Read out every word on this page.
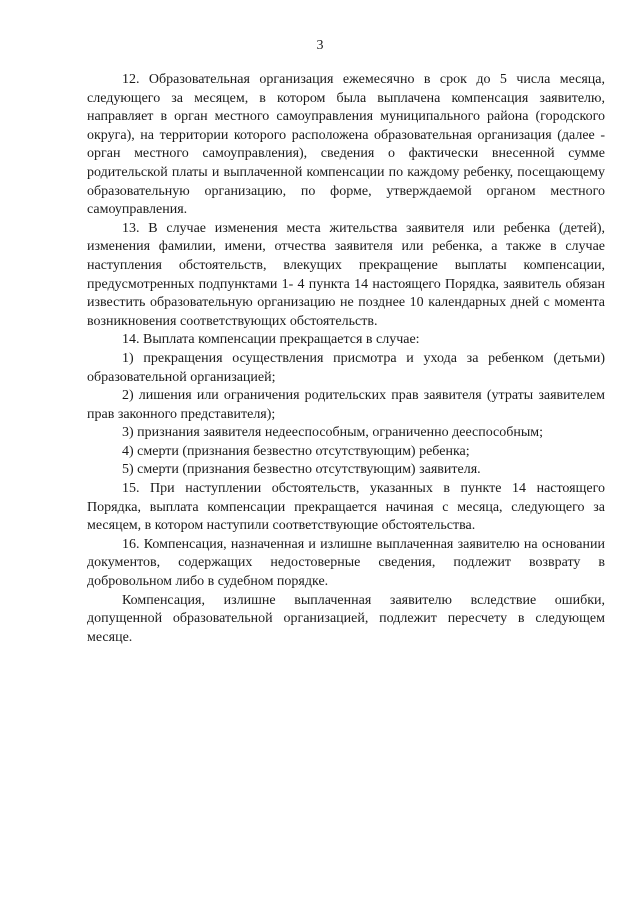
3

12. Образовательная организация ежемесячно в срок до 5 числа месяца, следующего за месяцем, в котором была выплачена компенсация заявителю, направляет в орган местного самоуправления муниципального района (городского округа), на территории которого расположена образовательная организация (далее - орган местного самоуправления), сведения о фактически внесенной сумме родительской платы и выплаченной компенсации по каждому ребенку, посещающему образовательную организацию, по форме, утверждаемой органом местного самоуправления.

13. В случае изменения места жительства заявителя или ребенка (детей), изменения фамилии, имени, отчества заявителя или ребенка, а также в случае наступления обстоятельств, влекущих прекращение выплаты компенсации, предусмотренных подпунктами 1- 4 пункта 14 настоящего Порядка, заявитель обязан известить образовательную организацию не позднее 10 календарных дней с момента возникновения соответствующих обстоятельств.

14. Выплата компенсации прекращается в случае:

1) прекращения осуществления присмотра и ухода за ребенком (детьми) образовательной организацией;

2) лишения или ограничения родительских прав заявителя (утраты заявителем прав законного представителя);

3) признания заявителя недееспособным, ограниченно дееспособным;

4) смерти (признания безвестно отсутствующим) ребенка;

5) смерти (признания безвестно отсутствующим) заявителя.

15. При наступлении обстоятельств, указанных в пункте 14 настоящего Порядка, выплата компенсации прекращается начиная с месяца, следующего за месяцем, в котором наступили соответствующие обстоятельства.

16. Компенсация, назначенная и излишне выплаченная заявителю на основании документов, содержащих недостоверные сведения, подлежит возврату в добровольном либо в судебном порядке.

Компенсация, излишне выплаченная заявителю вследствие ошибки, допущенной образовательной организацией, подлежит пересчету в следующем месяце.
